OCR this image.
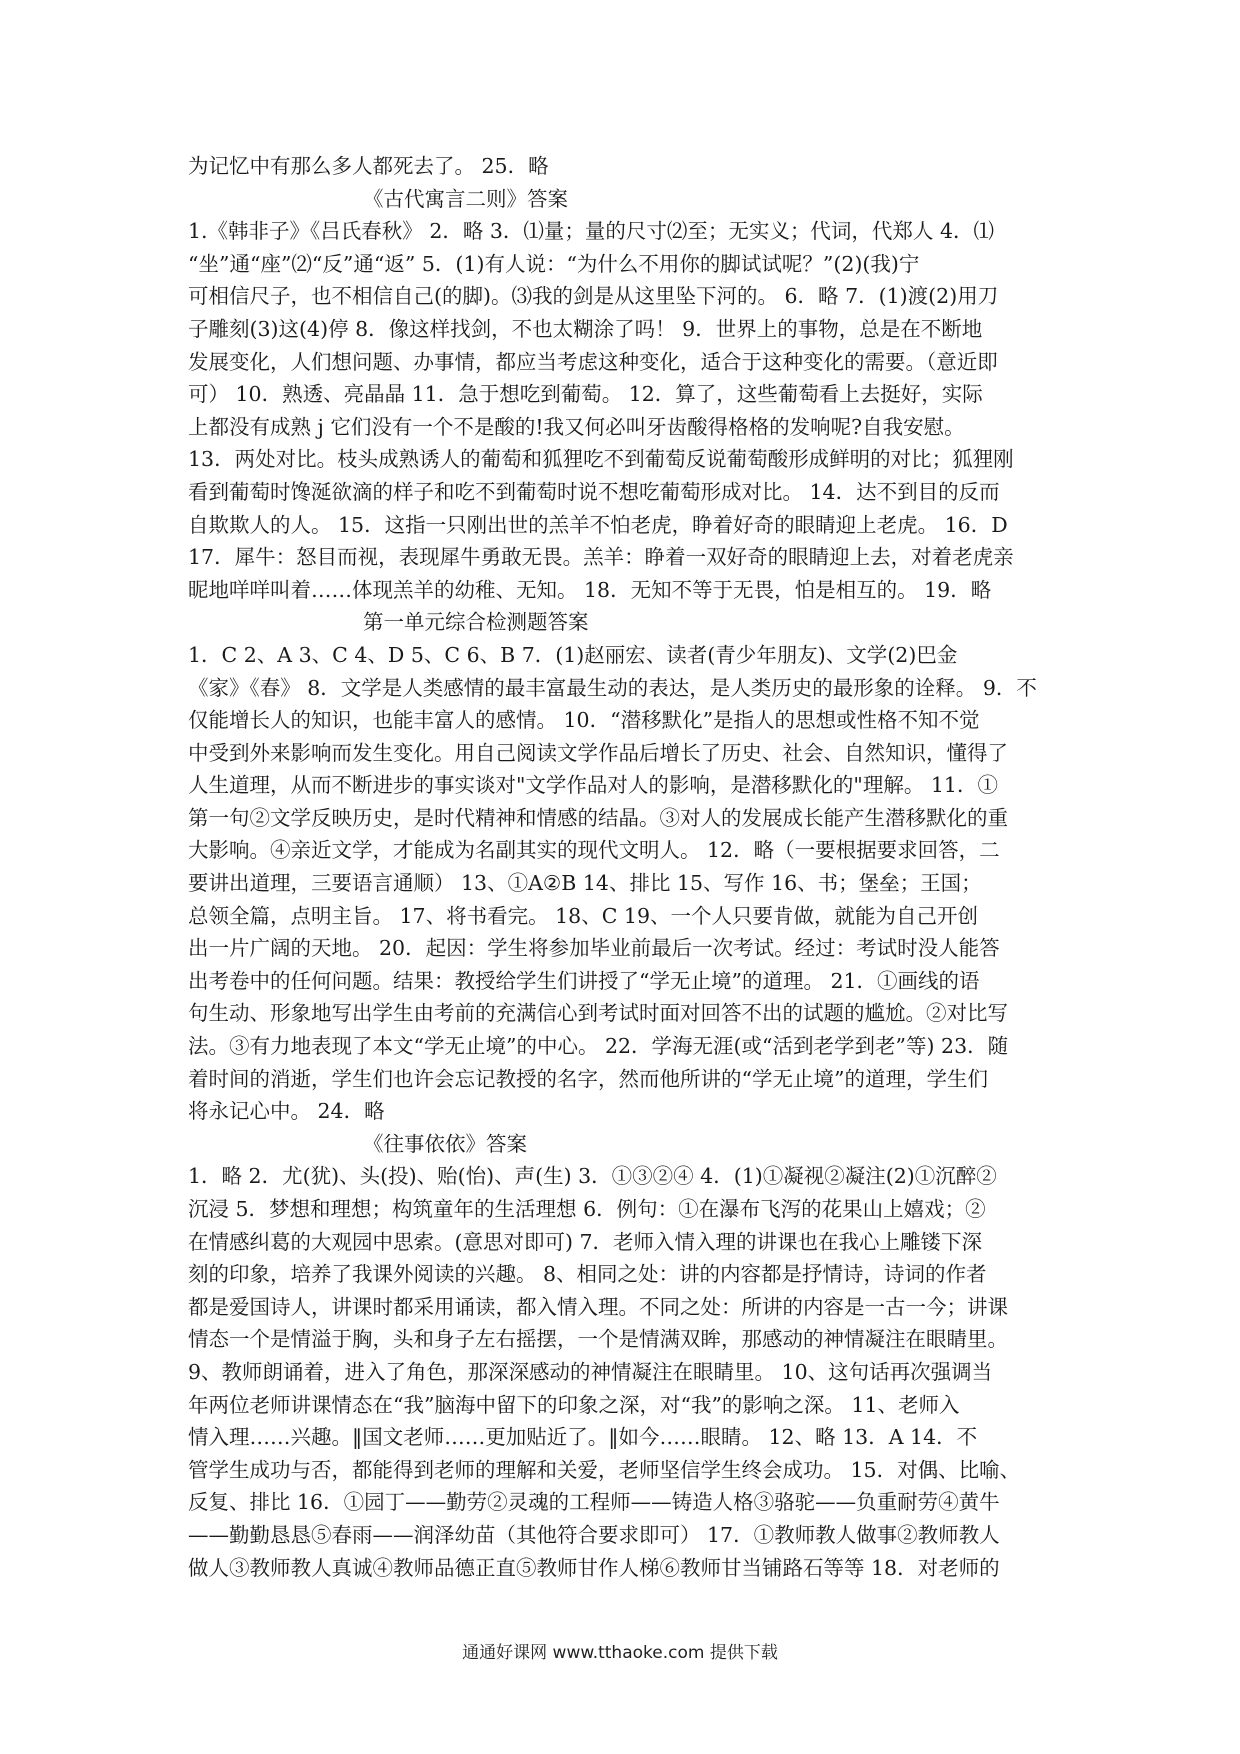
为记忆中有那么多人都死去了。 25．略
《古代寓言二则》答案
1.《韩非子》《吕氏春秋》 2．略 3．⑴量；量的尺寸⑵至；无实义；代词，代郑人 4．⑴
“坐”通“座”⑵“反”通“返” 5．(1)有人说：“为什么不用你的脚试试呢？”(2)(我)宁
可相信尺子，也不相信自己(的脚)。⑶我的剑是从这里坠下河的。 6．略 7．(1)渡(2)用刀
子雕刻(3)这(4)停 8．像这样找剑，不也太糊涂了吗！ 9．世界上的事物，总是在不断地
发展变化，人们想问题、办事情，都应当考虑这种变化，适合于这种变化的需要。（意近即
可） 10．熟透、亮晶晶 11．急于想吃到葡萄。 12．算了，这些葡萄看上去挺好，实际
上都没有成熟 j 它们没有一个不是酸的!我又何必叫牙齿酸得格格的发响呢?自我安慰。
13．两处对比。枝头成熟诱人的葡萄和狐狸吃不到葡萄反说葡萄酸形成鲜明的对比；狐狸刚
看到葡萄时馋涎欲滴的样子和吃不到葡萄时说不想吃葡萄形成对比。 14．达不到目的反而
自欺欺人的人。 15．这指一只刚出世的羔羊不怕老虎，睁着好奇的眼睛迎上老虎。 16．D
17．犀牛：怒目而视，表现犀牛勇敢无畏。羔羊：睁着一双好奇的眼睛迎上去，对着老虎亲
昵地咩咩叫着……体现羔羊的幼稚、无知。 18．无知不等于无畏，怕是相互的。 19．略
第一单元综合检测题答案
1．C 2、A 3、C 4、D 5、C 6、B 7．(1)赵丽宏、读者(青少年朋友)、文学(2)巴金
《家》《春》 8．文学是人类感情的最丰富最生动的表达，是人类历史的最形象的诠释。 9．不
仅能增长人的知识，也能丰富人的感情。 10．“潜移默化”是指人的思想或性格不知不觉
中受到外来影响而发生变化。用自己阅读文学作品后增长了历史、社会、自然知识，懂得了
人生道理，从而不断进步的事实谈对"文学作品对人的影响，是潜移默化的"理解。 11．①
第一句②文学反映历史，是时代精神和情感的结晶。③对人的发展成长能产生潜移默化的重
大影响。④亲近文学，才能成为名副其实的现代文明人。 12．略（一要根据要求回答，二
要讲出道理，三要语言通顺） 13、①A②B 14、排比 15、写作 16、书；堡垒；王国；
总领全篇，点明主旨。 17、将书看完。 18、C 19、一个人只要肯做，就能为自己开创
出一片广阔的天地。 20．起因：学生将参加毕业前最后一次考试。经过：考试时没人能答
出考卷中的任何问题。结果：教授给学生们讲授了“学无止境”的道理。 21．①画线的语
句生动、形象地写出学生由考前的充满信心到考试时面对回答不出的试题的尴尬。②对比写
法。③有力地表现了本文“学无止境”的中心。 22．学海无涯(或“活到老学到老”等) 23．随
着时间的消逝，学生们也许会忘记教授的名字，然而他所讲的“学无止境”的道理，学生们
将永记心中。 24．略
《往事依依》答案
1．略 2．尤(犹)、头(投)、贻(怡)、声(生) 3．①③②④ 4．(1)①凝视②凝注(2)①沉醉②
沉浸 5．梦想和理想；构筑童年的生活理想 6．例句：①在瀑布飞泻的花果山上嬉戏；②
在情感纠葛的大观园中思索。(意思对即可) 7．老师入情入理的讲课也在我心上雕镂下深
刻的印象，培养了我课外阅读的兴趣。 8、相同之处：讲的内容都是抒情诗，诗词的作者
都是爱国诗人，讲课时都采用诵读，都入情入理。不同之处：所讲的内容是一古一今；讲课
情态一个是情溢于胸，头和身子左右摇摆，一个是情满双眸，那感动的神情凝注在眼睛里。
9、教师朗诵着，进入了角色，那深深感动的神情凝注在眼睛里。 10、这句话再次强调当
年两位老师讲课情态在“我”脑海中留下的印象之深，对“我”的影响之深。 11、老师入
情入理……兴趣。‖国文老师……更加贴近了。‖如今……眼睛。 12、略 13．A 14．不
管学生成功与否，都能得到老师的理解和关爱，老师坚信学生终会成功。 15．对偶、比喻、
反复、排比 16．①园丁——勤劳②灵魂的工程师——铸造人格③骆驼——负重耐劳④黄牛
——勤勤恳恳⑤春雨——润泽幼苗（其他符合要求即可） 17．①教师教人做事②教师教人
做人③教师教人真诚④教师品德正直⑤教师甘作人梯⑥教师甘当铺路石等等 18．对老师的
通通好课网 www.tthaoke.com 提供下载
